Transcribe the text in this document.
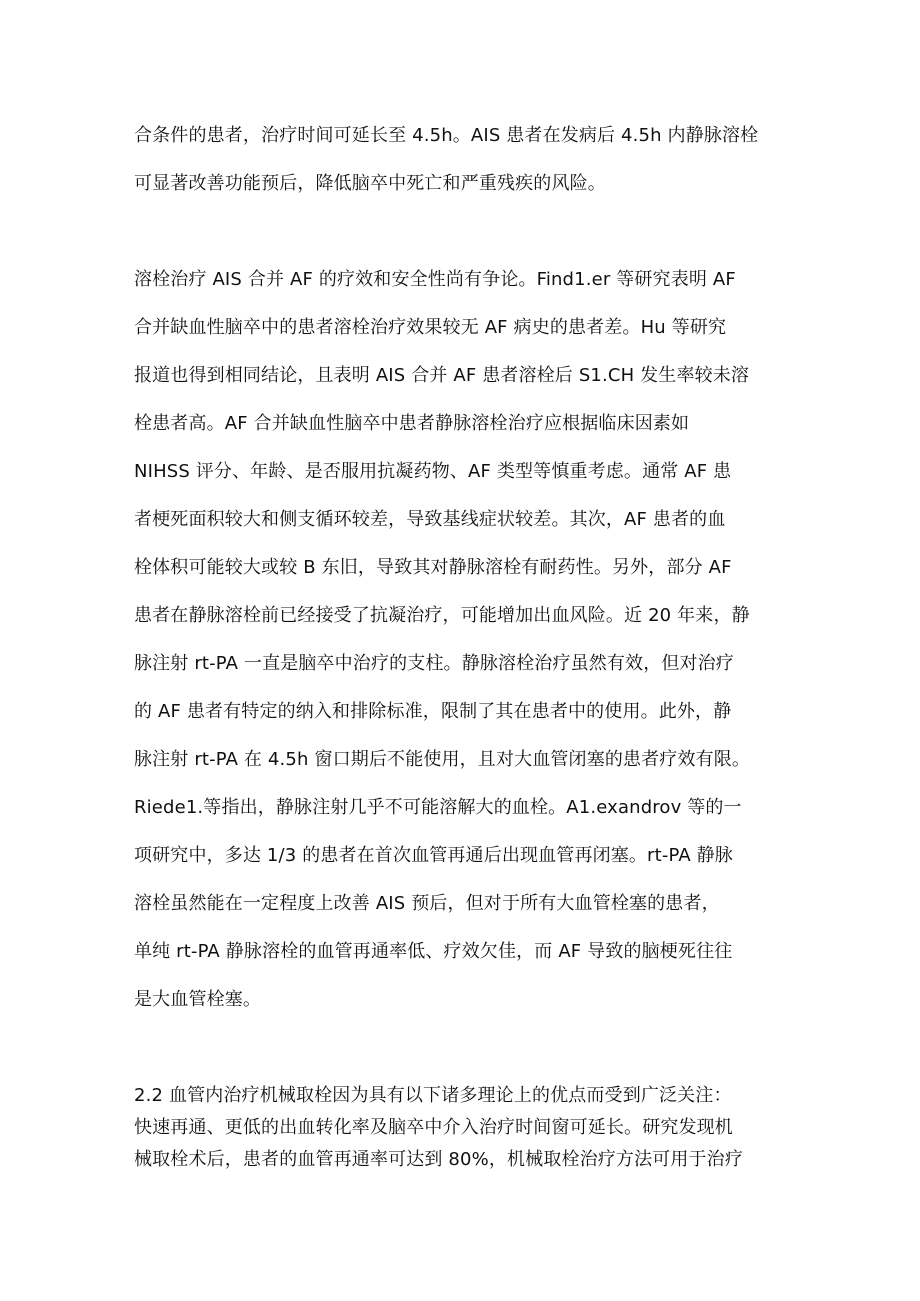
合条件的患者，治疗时间可延长至 4.5h。AIS 患者在发病后 4.5h 内静脉溶栓
可显著改善功能预后，降低脑卒中死亡和严重残疾的风险。
溶栓治疗 AIS 合并 AF 的疗效和安全性尚有争论。Find1.er 等研究表明 AF
合并缺血性脑卒中的患者溶栓治疗效果较无 AF 病史的患者差。Hu 等研究
报道也得到相同结论，且表明 AIS 合并 AF 患者溶栓后 S1.CH 发生率较未溶
栓患者高。AF 合并缺血性脑卒中患者静脉溶栓治疗应根据临床因素如
NIHSS 评分、年龄、是否服用抗凝药物、AF 类型等慎重考虑。通常 AF 患
者梗死面积较大和侧支循环较差，导致基线症状较差。其次，AF 患者的血
栓体积可能较大或较 B 东旧，导致其对静脉溶栓有耐药性。另外，部分 AF
患者在静脉溶栓前已经接受了抗凝治疗，可能增加出血风险。近 20 年来，静
脉注射 rt-PA 一直是脑卒中治疗的支柱。静脉溶栓治疗虽然有效，但对治疗
的 AF 患者有特定的纳入和排除标准，限制了其在患者中的使用。此外，静
脉注射 rt-PA 在 4.5h 窗口期后不能使用，且对大血管闭塞的患者疗效有限。
Riede1.等指出，静脉注射几乎不可能溶解大的血栓。A1.exandrov 等的一
项研究中，多达 1/3 的患者在首次血管再通后出现血管再闭塞。rt-PA 静脉
溶栓虽然能在一定程度上改善 AIS 预后，但对于所有大血管栓塞的患者，
单纯 rt-PA 静脉溶栓的血管再通率低、疗效欠佳，而 AF 导致的脑梗死往往
是大血管栓塞。
2.2 血管内治疗机械取栓因为具有以下诸多理论上的优点而受到广泛关注：
快速再通、更低的出血转化率及脑卒中介入治疗时间窗可延长。研究发现机
械取栓术后，患者的血管再通率可达到 80%，机械取栓治疗方法可用于治疗
